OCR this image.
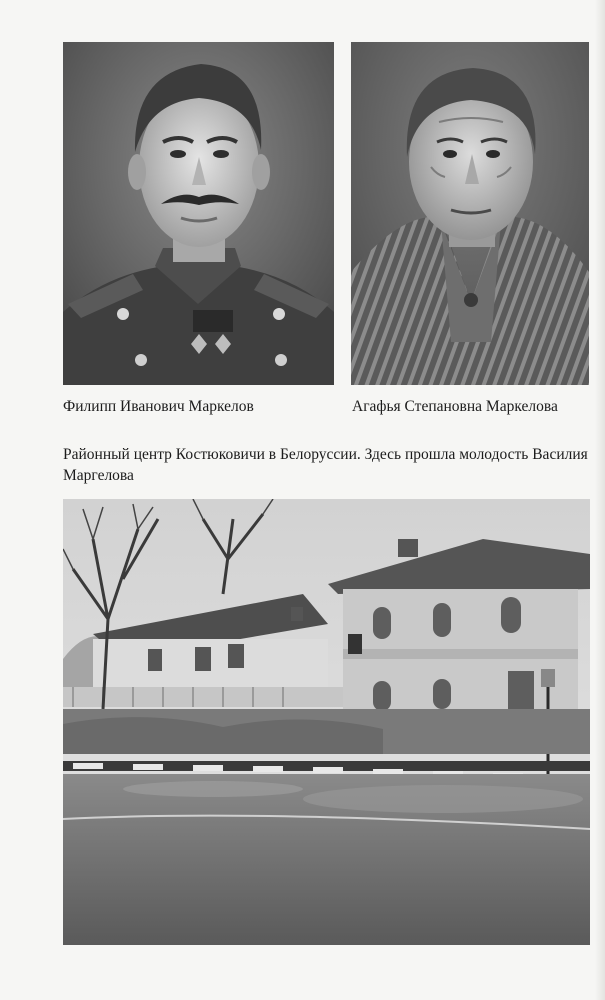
Филипп Иванович Маркелов	Агафья Степановна Маркелова
Районный центр Костюковичи в Белоруссии. Здесь прошла молодость Василия Маргелова
